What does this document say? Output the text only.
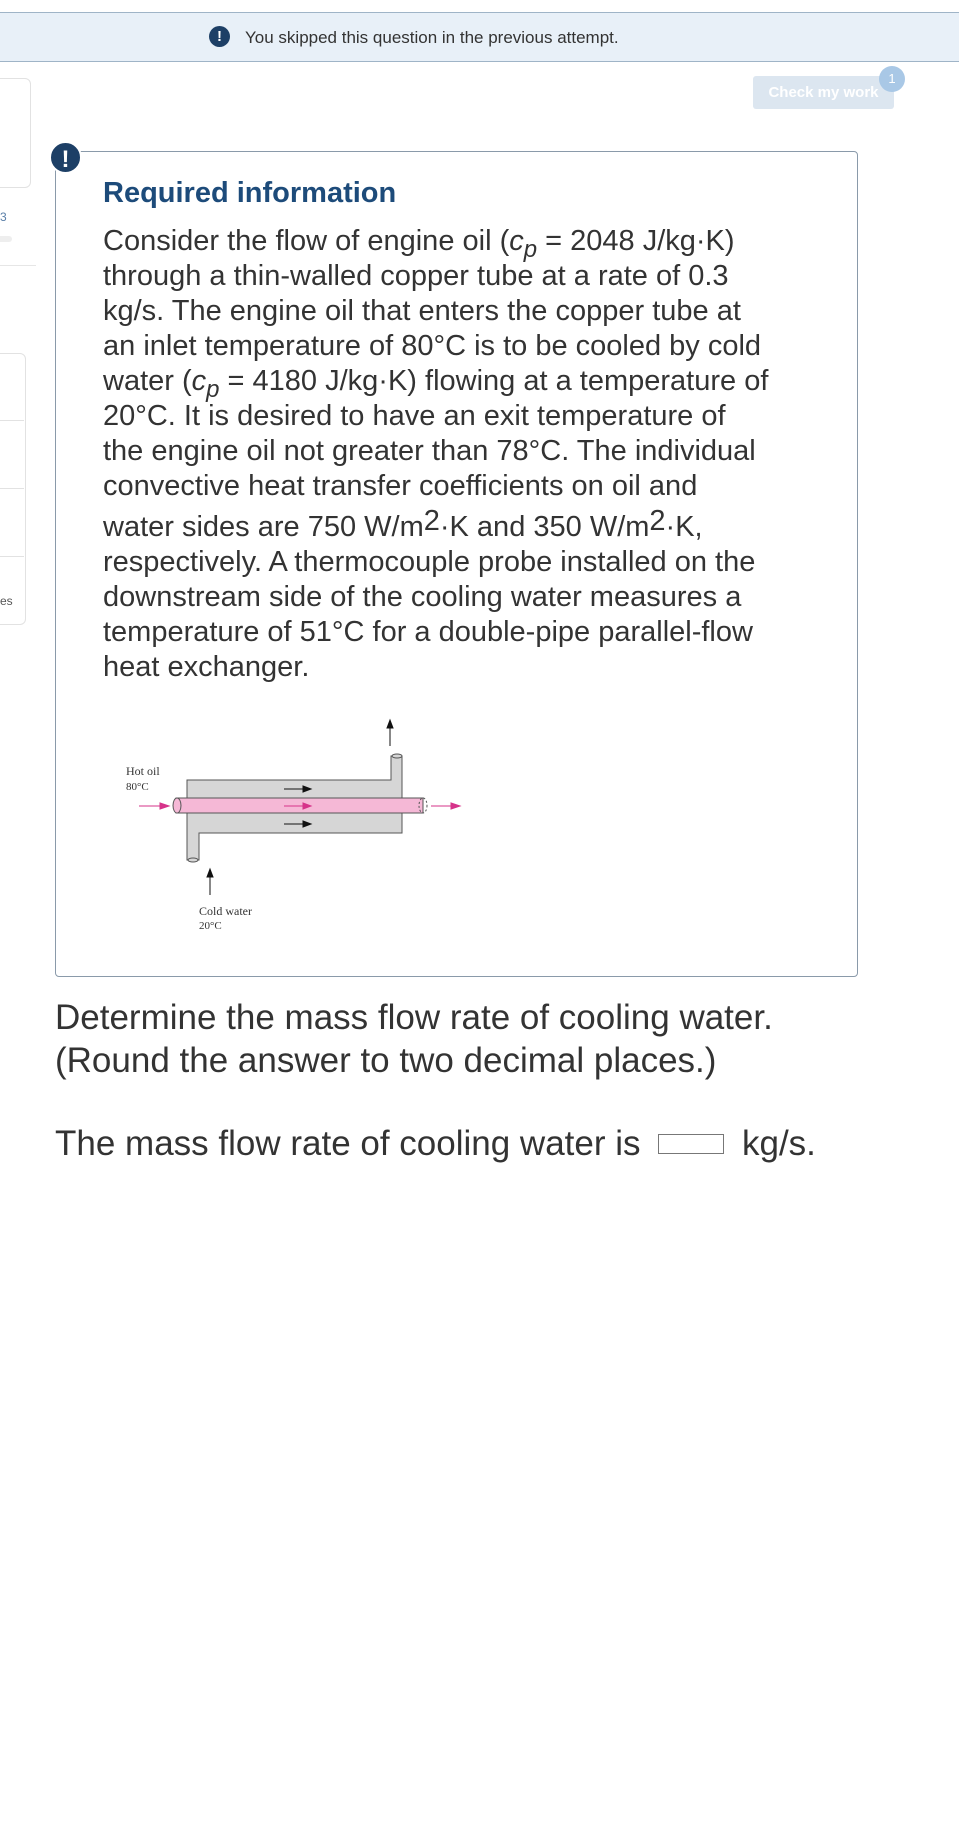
!	You skipped this question in the previous attempt.
Check my work
1
3
es
!
Required information
Consider the flow of engine oil ($c_p = 2048$ J/kg·K)
through a thin-walled copper tube at a rate of 0.3
kg/s. The engine oil that enters the copper tube at
an inlet temperature of 80°C is to be cooled by cold
water ($c_p = 4180$ J/kg·K) flowing at a temperature of
20°C. It is desired to have an exit temperature of
the engine oil not greater than 78°C. The individual
convective heat transfer coefficients on oil and
water sides are 750 $W/m^2\cdot K$ and 350 $W/m^2\cdot K$,
respectively. A thermocouple probe installed on the
downstream side of the cooling water measures a
temperature of 51°C for a double-pipe parallel-flow
heat exchanger.
Hot oil
80°C
Cold water
20°C
Determine the mass flow rate of cooling water.
(Round the answer to two decimal places.)
The mass flow rate of cooling water is	kg/s.
